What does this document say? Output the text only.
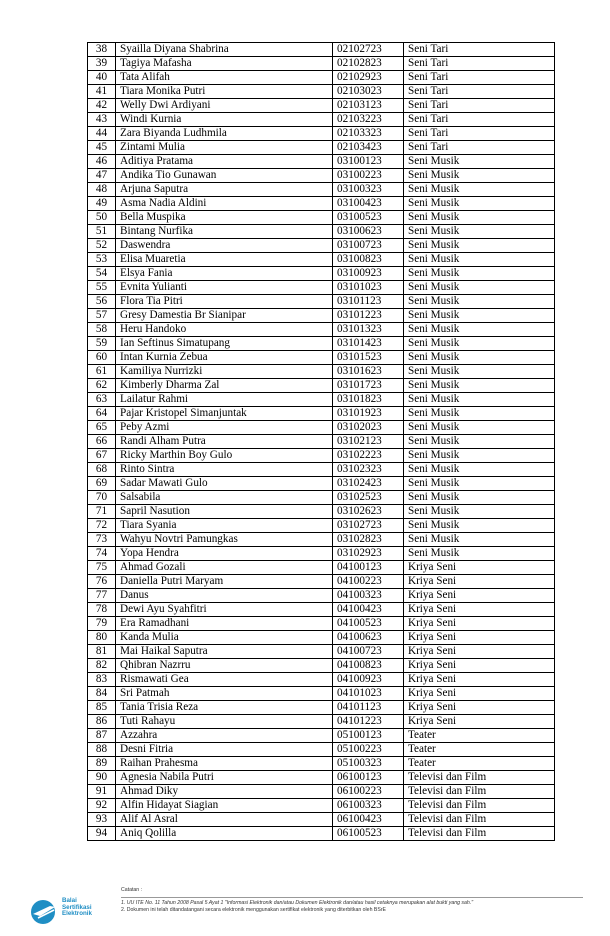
38	Syailla Diyana Shabrina	02102723	Seni Tari
39	Tagiya Mafasha	02102823	Seni Tari
40	Tata Alifah	02102923	Seni Tari
41	Tiara Monika Putri	02103023	Seni Tari
42	Welly Dwi Ardiyani	02103123	Seni Tari
43	Windi Kurnia	02103223	Seni Tari
44	Zara Biyanda Ludhmila	02103323	Seni Tari
45	Zintami Mulia	02103423	Seni Tari
46	Aditiya Pratama	03100123	Seni Musik
47	Andika Tio Gunawan	03100223	Seni Musik
48	Arjuna Saputra	03100323	Seni Musik
49	Asma Nadia Aldini	03100423	Seni Musik
50	Bella Muspika	03100523	Seni Musik
51	Bintang Nurfika	03100623	Seni Musik
52	Daswendra	03100723	Seni Musik
53	Elisa Muaretia	03100823	Seni Musik
54	Elsya Fania	03100923	Seni Musik
55	Evnita Yulianti	03101023	Seni Musik
56	Flora Tia Pitri	03101123	Seni Musik
57	Gresy Damestia Br Sianipar	03101223	Seni Musik
58	Heru Handoko	03101323	Seni Musik
59	Ian Seftinus Simatupang	03101423	Seni Musik
60	Intan Kurnia Zebua	03101523	Seni Musik
61	Kamiliya Nurrizki	03101623	Seni Musik
62	Kimberly Dharma Zal	03101723	Seni Musik
63	Lailatur Rahmi	03101823	Seni Musik
64	Pajar Kristopel Simanjuntak	03101923	Seni Musik
65	Peby Azmi	03102023	Seni Musik
66	Randi Alham Putra	03102123	Seni Musik
67	Ricky Marthin Boy Gulo	03102223	Seni Musik
68	Rinto Sintra	03102323	Seni Musik
69	Sadar Mawati Gulo	03102423	Seni Musik
70	Salsabila	03102523	Seni Musik
71	Sapril Nasution	03102623	Seni Musik
72	Tiara Syania	03102723	Seni Musik
73	Wahyu Novtri Pamungkas	03102823	Seni Musik
74	Yopa Hendra	03102923	Seni Musik
75	Ahmad Gozali	04100123	Kriya Seni
76	Daniella Putri Maryam	04100223	Kriya Seni
77	Danus	04100323	Kriya Seni
78	Dewi Ayu Syahfitri	04100423	Kriya Seni
79	Era Ramadhani	04100523	Kriya Seni
80	Kanda Mulia	04100623	Kriya Seni
81	Mai Haikal Saputra	04100723	Kriya Seni
82	Qhibran Nazrru	04100823	Kriya Seni
83	Rismawati Gea	04100923	Kriya Seni
84	Sri Patmah	04101023	Kriya Seni
85	Tania Trisia Reza	04101123	Kriya Seni
86	Tuti Rahayu	04101223	Kriya Seni
87	Azzahra	05100123	Teater
88	Desni Fitria	05100223	Teater
89	Raihan Prahesma	05100323	Teater
90	Agnesia Nabila Putri	06100123	Televisi dan Film
91	Ahmad Diky	06100223	Televisi dan Film
92	Alfin Hidayat Siagian	06100323	Televisi dan Film
93	Alif Al Asral	06100423	Televisi dan Film
94	Aniq Qolilla	06100523	Televisi dan Film
Balai
Sertifikasi
Elektronik
Catatan :
1. UU ITE No. 11 Tahun 2008 Pasal 5 Ayat 1 "Informasi Elektronik dan/atau Dokumen Elektronik dan/atau hasil cetaknya merupakan alat bukti yang sah."
2. Dokumen ini telah ditandatangani secara elektronik menggunakan sertifikat elektronik yang diterbitkan oleh BSrE
